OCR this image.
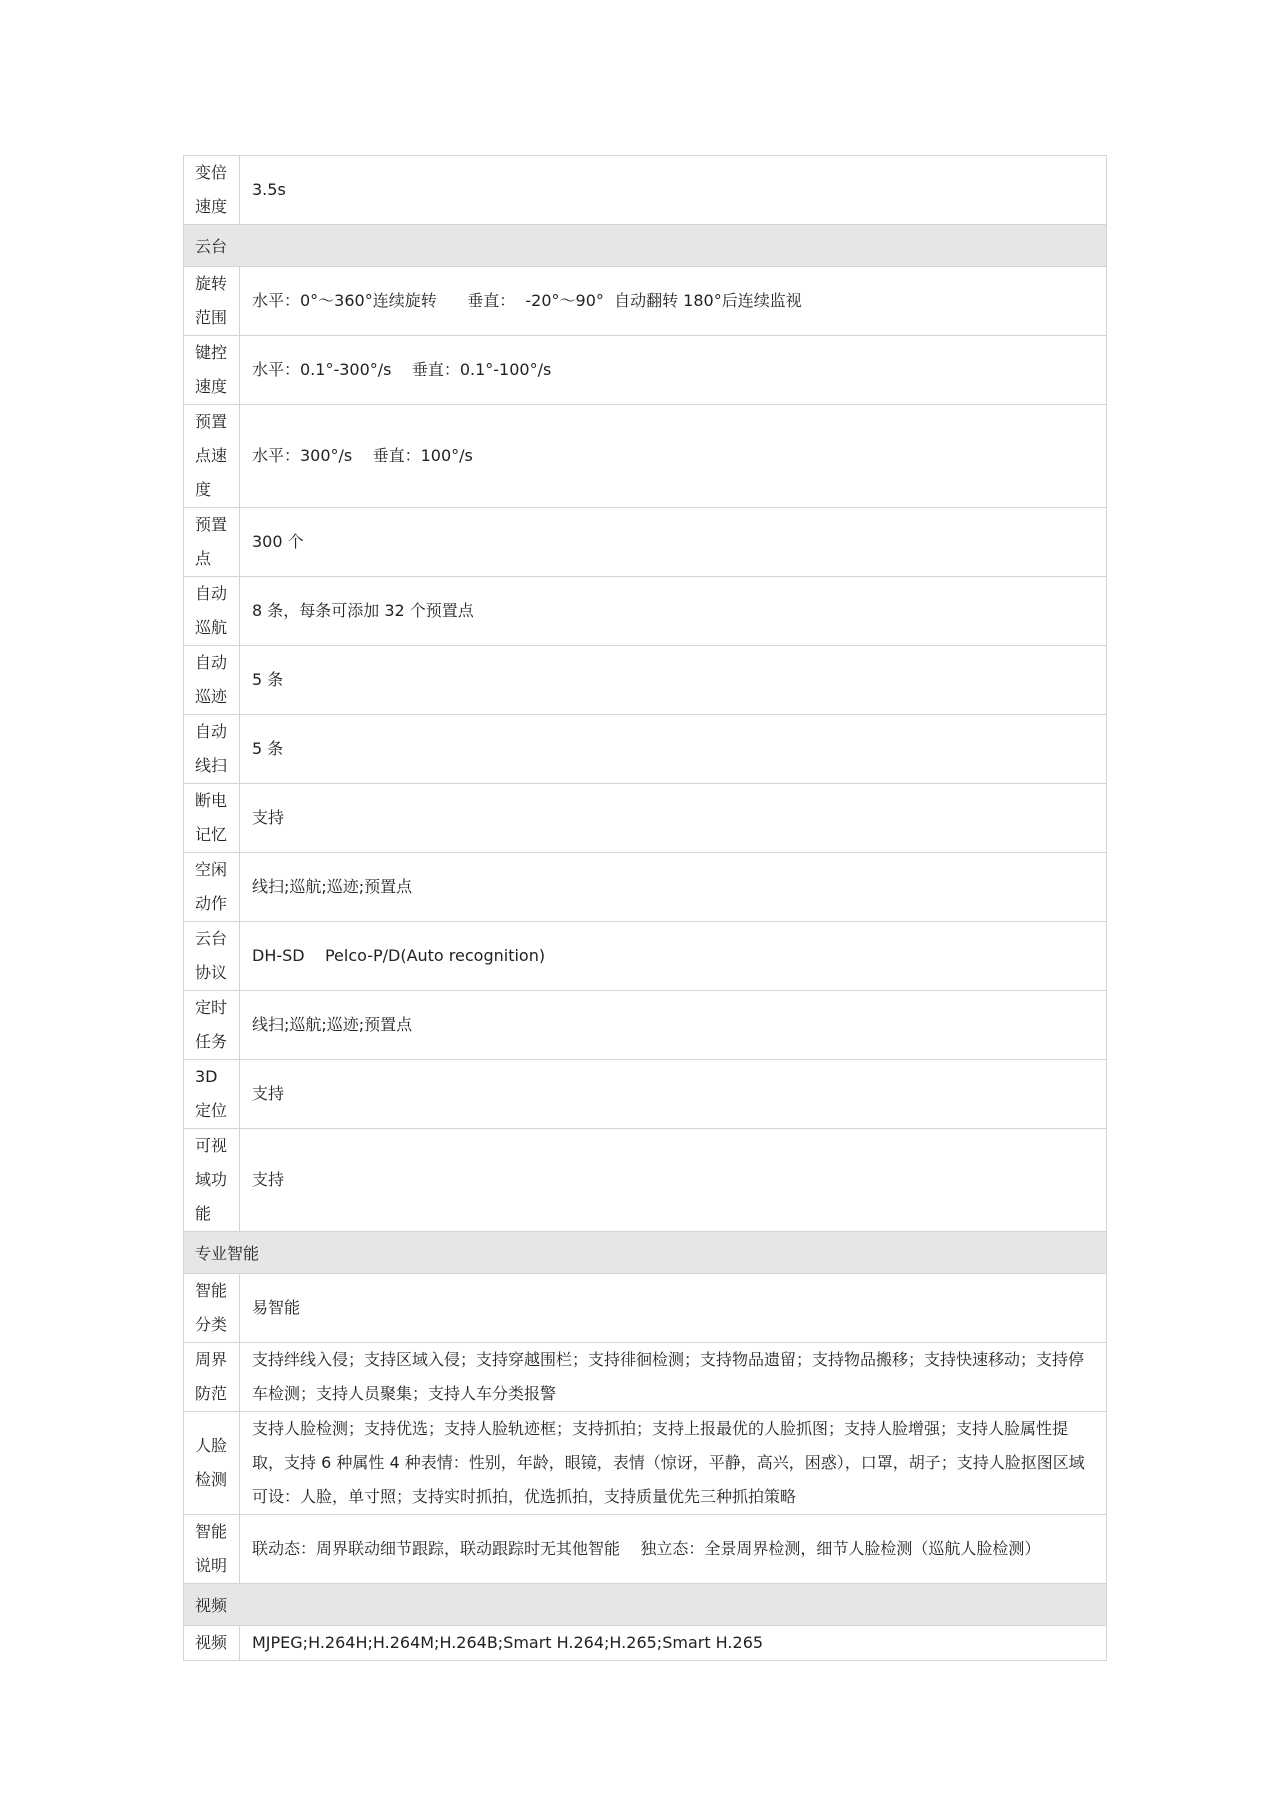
变倍
速度	3.5s
云台	

旋转
范围	水平：0°～360°连续旋转      垂直：  -20°～90°  自动翻转 180°后连续监视

键控
速度	水平：0.1°-300°/s    垂直：0.1°-100°/s

预置
点速
度	水平：300°/s    垂直：100°/s

预置
点	300 个

自动
巡航	8 条，每条可添加 32 个预置点

自动
巡迹	5 条

自动
线扫	5 条

断电
记忆	支持

空闲
动作	线扫;巡航;巡迹;预置点

云台
协议	DH-SD    Pelco-P/D(Auto recognition)

定时
任务	线扫;巡航;巡迹;预置点

3D
定位	支持

可视
域功
能	支持
专业智能	

智能
分类	易智能

周界
防范	支持绊线入侵；支持区域入侵；支持穿越围栏；支持徘徊检测；支持物品遗留；支持物品搬移；支持快速移动；支持停车检测；支持人员聚集；支持人车分类报警

人脸
检测	支持人脸检测；支持优选；支持人脸轨迹框；支持抓拍；支持上报最优的人脸抓图；支持人脸增强；支持人脸属性提取，支持 6 种属性 4 种表情：性别，年龄，眼镜，表情（惊讶，平静，高兴，困惑），口罩，胡子；支持人脸抠图区域可设：人脸，单寸照；支持实时抓拍，优选抓拍，支持质量优先三种抓拍策略

智能
说明	联动态：周界联动细节跟踪，联动跟踪时无其他智能    独立态：全景周界检测，细节人脸检测（巡航人脸检测）
视频	

视频	MJPEG;H.264H;H.264M;H.264B;Smart H.264;H.265;Smart H.265
